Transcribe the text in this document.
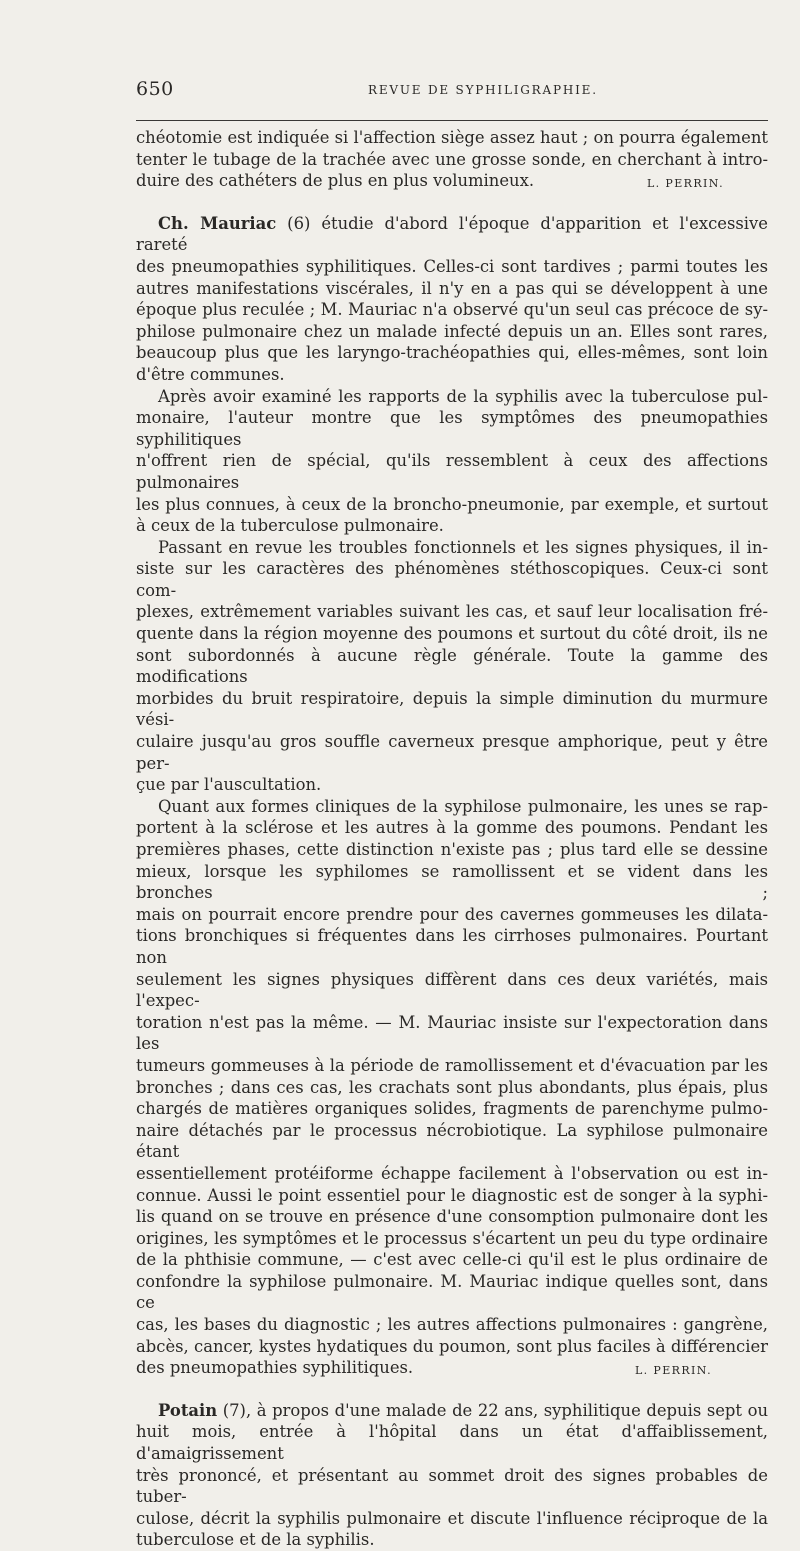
650	REVUE DE SYPHILIGRAPHIE.

chéotomie est indiquée si l'affection siège assez haut ; on pourra également

tenter le tubage de la trachée avec une grosse sonde, en cherchant à intro-

duire des cathéters de plus en plus volumineux.	L. PERRIN.

Ch. Mauriac (6) étudie d'abord l'époque d'apparition et l'excessive rareté

des pneumopathies syphilitiques. Celles-ci sont tardives ; parmi toutes les

autres manifestations viscérales, il n'y en a pas qui se développent à une

époque plus reculée ; M. Mauriac n'a observé qu'un seul cas précoce de sy-

philose pulmonaire chez un malade infecté depuis un an. Elles sont rares,

beaucoup plus que les laryngo-trachéopathies qui, elles-mêmes, sont loin

d'être communes.

Après avoir examiné les rapports de la syphilis avec la tuberculose pul-

monaire, l'auteur montre que les symptômes des pneumopathies syphilitiques

n'offrent rien de spécial, qu'ils ressemblent à ceux des affections pulmonaires

les plus connues, à ceux de la broncho-pneumonie, par exemple, et surtout

à ceux de la tuberculose pulmonaire.

Passant en revue les troubles fonctionnels et les signes physiques, il in-

siste sur les caractères des phénomènes stéthoscopiques. Ceux-ci sont com-

plexes, extrêmement variables suivant les cas, et sauf leur localisation fré-

quente dans la région moyenne des poumons et surtout du côté droit, ils ne

sont subordonnés à aucune règle générale. Toute la gamme des modifications

morbides du bruit respiratoire, depuis la simple diminution du murmure vési-

culaire jusqu'au gros souffle caverneux presque amphorique, peut y être per-

çue par l'auscultation.

Quant aux formes cliniques de la syphilose pulmonaire, les unes se rap-

portent à la sclérose et les autres à la gomme des poumons. Pendant les

premières phases, cette distinction n'existe pas ; plus tard elle se dessine

mieux, lorsque les syphilomes se ramollissent et se vident dans les bronches ;

mais on pourrait encore prendre pour des cavernes gommeuses les dilata-

tions bronchiques si fréquentes dans les cirrhoses pulmonaires. Pourtant non

seulement les signes physiques diffèrent dans ces deux variétés, mais l'expec-

toration n'est pas la même. — M. Mauriac insiste sur l'expectoration dans les

tumeurs gommeuses à la période de ramollissement et d'évacuation par les

bronches ; dans ces cas, les crachats sont plus abondants, plus épais, plus

chargés de matières organiques solides, fragments de parenchyme pulmo-

naire détachés par le processus nécrobiotique. La syphilose pulmonaire étant

essentiellement protéiforme échappe facilement à l'observation ou est in-

connue. Aussi le point essentiel pour le diagnostic est de songer à la syphi-

lis quand on se trouve en présence d'une consomption pulmonaire dont les

origines, les symptômes et le processus s'écartent un peu du type ordinaire

de la phthisie commune, — c'est avec celle-ci qu'il est le plus ordinaire de

confondre la syphilose pulmonaire. M. Mauriac indique quelles sont, dans ce

cas, les bases du diagnostic ; les autres affections pulmonaires : gangrène,

abcès, cancer, kystes hydatiques du poumon, sont plus faciles à différencier

des pneumopathies syphilitiques.	L. PERRIN.

Potain (7), à propos d'une malade de 22 ans, syphilitique depuis sept ou

huit mois, entrée à l'hôpital dans un état d'affaiblissement, d'amaigrissement

très prononcé, et présentant au sommet droit des signes probables de tuber-

culose, décrit la syphilis pulmonaire et discute l'influence réciproque de la

tuberculose et de la syphilis.
